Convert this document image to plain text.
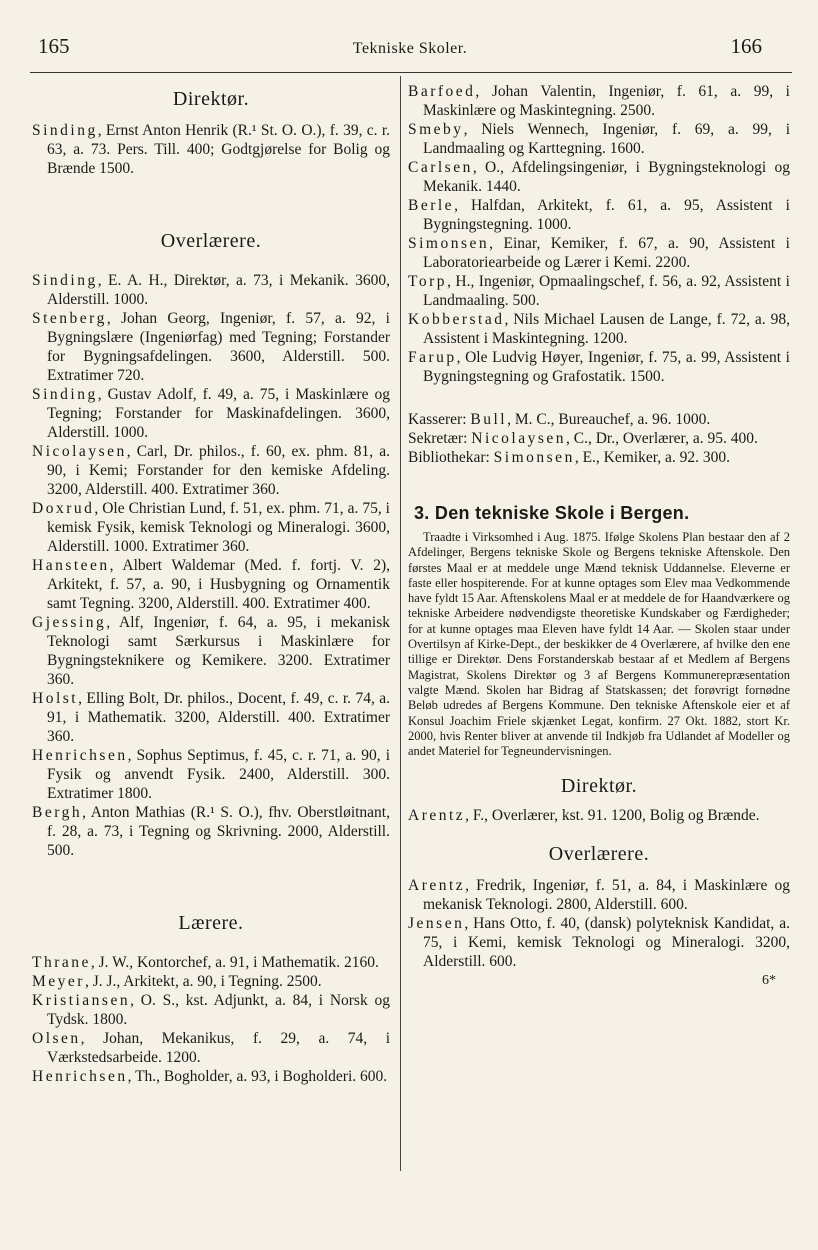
165	Tekniske Skoler.	166
Direktør.

Sinding, Ernst Anton Henrik (R.¹ St. O. O.), f. 39, c. r. 63, a. 73. Pers. Till. 400; Godtgjørelse for Bolig og Brænde 1500.

Overlærere.

Sinding, E. A. H., Direktør, a. 73, i Mekanik. 3600, Alderstill. 1000.

Stenberg, Johan Georg, Ingeniør, f. 57, a. 92, i Bygningslære (Ingeniørfag) med Tegning; Forstander for Bygningsafdelingen. 3600, Alderstill. 500. Extratimer 720.

Sinding, Gustav Adolf, f. 49, a. 75, i Maskinlære og Tegning; Forstander for Maskinafdelingen. 3600, Alderstill. 1000.

Nicolaysen, Carl, Dr. philos., f. 60, ex. phm. 81, a. 90, i Kemi; Forstander for den kemiske Afdeling. 3200, Alderstill. 400. Extratimer 360.

Doxrud, Ole Christian Lund, f. 51, ex. phm. 71, a. 75, i kemisk Fysik, kemisk Teknologi og Mineralogi. 3600, Alderstill. 1000. Extratimer 360.

Hansteen, Albert Waldemar (Med. f. fortj. V. 2), Arkitekt, f. 57, a. 90, i Husbygning og Ornamentik samt Tegning. 3200, Alderstill. 400. Extratimer 400.

Gjessing, Alf, Ingeniør, f. 64, a. 95, i mekanisk Teknologi samt Særkursus i Maskinlære for Bygningsteknikere og Kemikere. 3200. Extratimer 360.

Holst, Elling Bolt, Dr. philos., Docent, f. 49, c. r. 74, a. 91, i Mathematik. 3200, Alderstill. 400. Extratimer 360.

Henrichsen, Sophus Septimus, f. 45, c. r. 71, a. 90, i Fysik og anvendt Fysik. 2400, Alderstill. 300. Extratimer 1800.

Bergh, Anton Mathias (R.¹ S. O.), fhv. Oberstløitnant, f. 28, a. 73, i Tegning og Skrivning. 2000, Alderstill. 500.

Lærere.

Thrane, J. W., Kontorchef, a. 91, i Mathematik. 2160.

Meyer, J. J., Arkitekt, a. 90, i Tegning. 2500.

Kristiansen, O. S., kst. Adjunkt, a. 84, i Norsk og Tydsk. 1800.

Olsen, Johan, Mekanikus, f. 29, a. 74, i Værkstedsarbeide. 1200.

Henrichsen, Th., Bogholder, a. 93, i Bogholderi. 600.

Barfoed, Johan Valentin, Ingeniør, f. 61, a. 99, i Maskinlære og Maskintegning. 2500.

Smeby, Niels Wennech, Ingeniør, f. 69, a. 99, i Landmaaling og Karttegning. 1600.

Carlsen, O., Afdelingsingeniør, i Bygningsteknologi og Mekanik. 1440.

Berle, Halfdan, Arkitekt, f. 61, a. 95, Assistent i Bygningstegning. 1000.

Simonsen, Einar, Kemiker, f. 67, a. 90, Assistent i Laboratoriearbeide og Lærer i Kemi. 2200.

Torp, H., Ingeniør, Opmaalingschef, f. 56, a. 92, Assistent i Landmaaling. 500.

Kobberstad, Nils Michael Lausen de Lange, f. 72, a. 98, Assistent i Maskintegning. 1200.

Farup, Ole Ludvig Høyer, Ingeniør, f. 75, a. 99, Assistent i Bygningstegning og Grafostatik. 1500.

Kasserer: Bull, M. C., Bureauchef, a. 96. 1000.

Sekretær: Nicolaysen, C., Dr., Overlærer, a. 95. 400.

Bibliothekar: Simonsen, E., Kemiker, a. 92. 300.

3. Den tekniske Skole i Bergen.

Traadte i Virksomhed i Aug. 1875. Ifølge Skolens Plan bestaar den af 2 Afdelinger, Bergens tekniske Skole og Bergens tekniske Aftenskole. Den førstes Maal er at meddele unge Mænd teknisk Uddannelse. Eleverne er faste eller hospiterende. For at kunne optages som Elev maa Vedkommende have fyldt 15 Aar. Aftenskolens Maal er at meddele de for Haandværkere og tekniske Arbeidere nødvendigste theoretiske Kundskaber og Færdigheder; for at kunne optages maa Eleven have fyldt 14 Aar. — Skolen staar under Overtilsyn af Kirke-Dept., der beskikker de 4 Overlærere, af hvilke den ene tillige er Direktør. Dens Forstanderskab bestaar af et Medlem af Bergens Magistrat, Skolens Direktør og 3 af Bergens Kommunerepræsentation valgte Mænd. Skolen har Bidrag af Statskassen; det forøvrigt fornødne Beløb udredes af Bergens Kommune. Den tekniske Aftenskole eier et af Konsul Joachim Friele skjænket Legat, konfirm. 27 Okt. 1882, stort Kr. 2000, hvis Renter bliver at anvende til Indkjøb fra Udlandet af Modeller og andet Materiel for Tegneundervisningen.

Direktør.

Arentz, F., Overlærer, kst. 91. 1200, Bolig og Brænde.

Overlærere.

Arentz, Fredrik, Ingeniør, f. 51, a. 84, i Maskinlære og mekanisk Teknologi. 2800, Alderstill. 600.

Jensen, Hans Otto, f. 40, (dansk) polyteknisk Kandidat, a. 75, i Kemi, kemisk Teknologi og Mineralogi. 3200, Alderstill. 600.

6*
